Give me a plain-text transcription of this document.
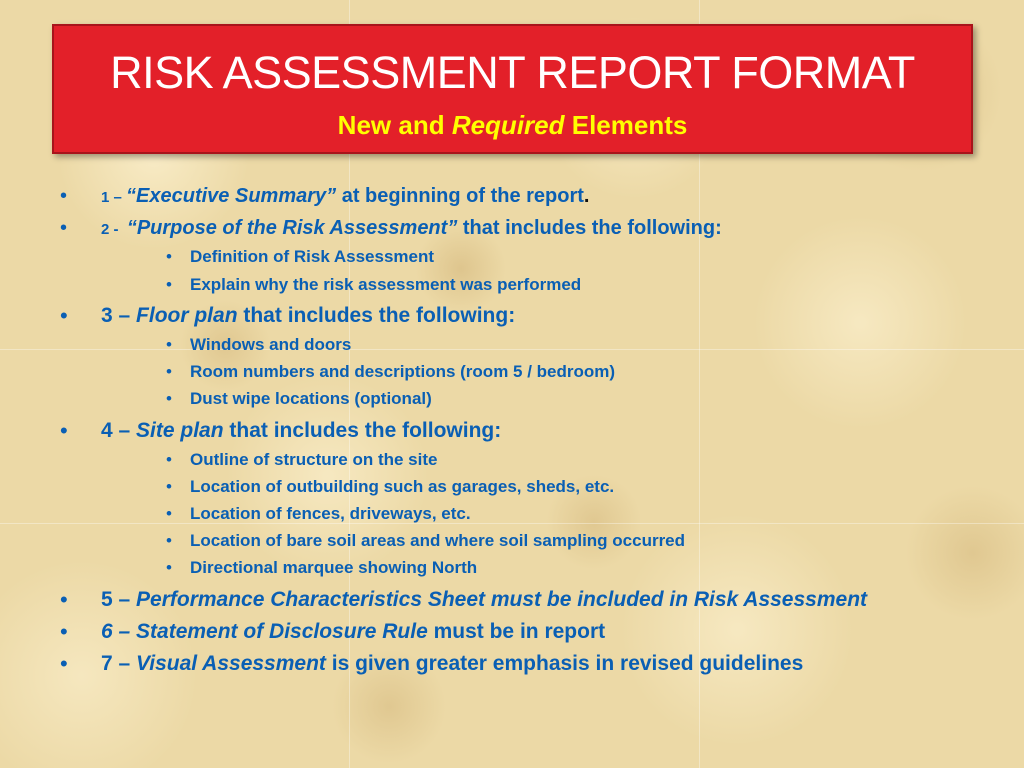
RISK ASSESSMENT REPORT FORMAT
New and Required Elements
• 1 – “Executive Summary” at beginning of the report.
• 2 -  “Purpose of the Risk Assessment” that includes the following:
• Definition of Risk Assessment
• Explain why the risk assessment was performed
• 3 – Floor plan that includes the following:
• Windows and doors
• Room numbers and descriptions (room 5 / bedroom)
• Dust wipe locations (optional)
• 4 – Site plan that includes the following:
• Outline of structure on the site
• Location of outbuilding such as garages, sheds, etc.
• Location of fences, driveways, etc.
• Location of bare soil areas and where soil sampling occurred
• Directional marquee showing North
• 5 – Performance Characteristics Sheet must be included in Risk Assessment
• 6 – Statement of Disclosure Rule must be in report
• 7 – Visual Assessment is given greater emphasis in revised guidelines
